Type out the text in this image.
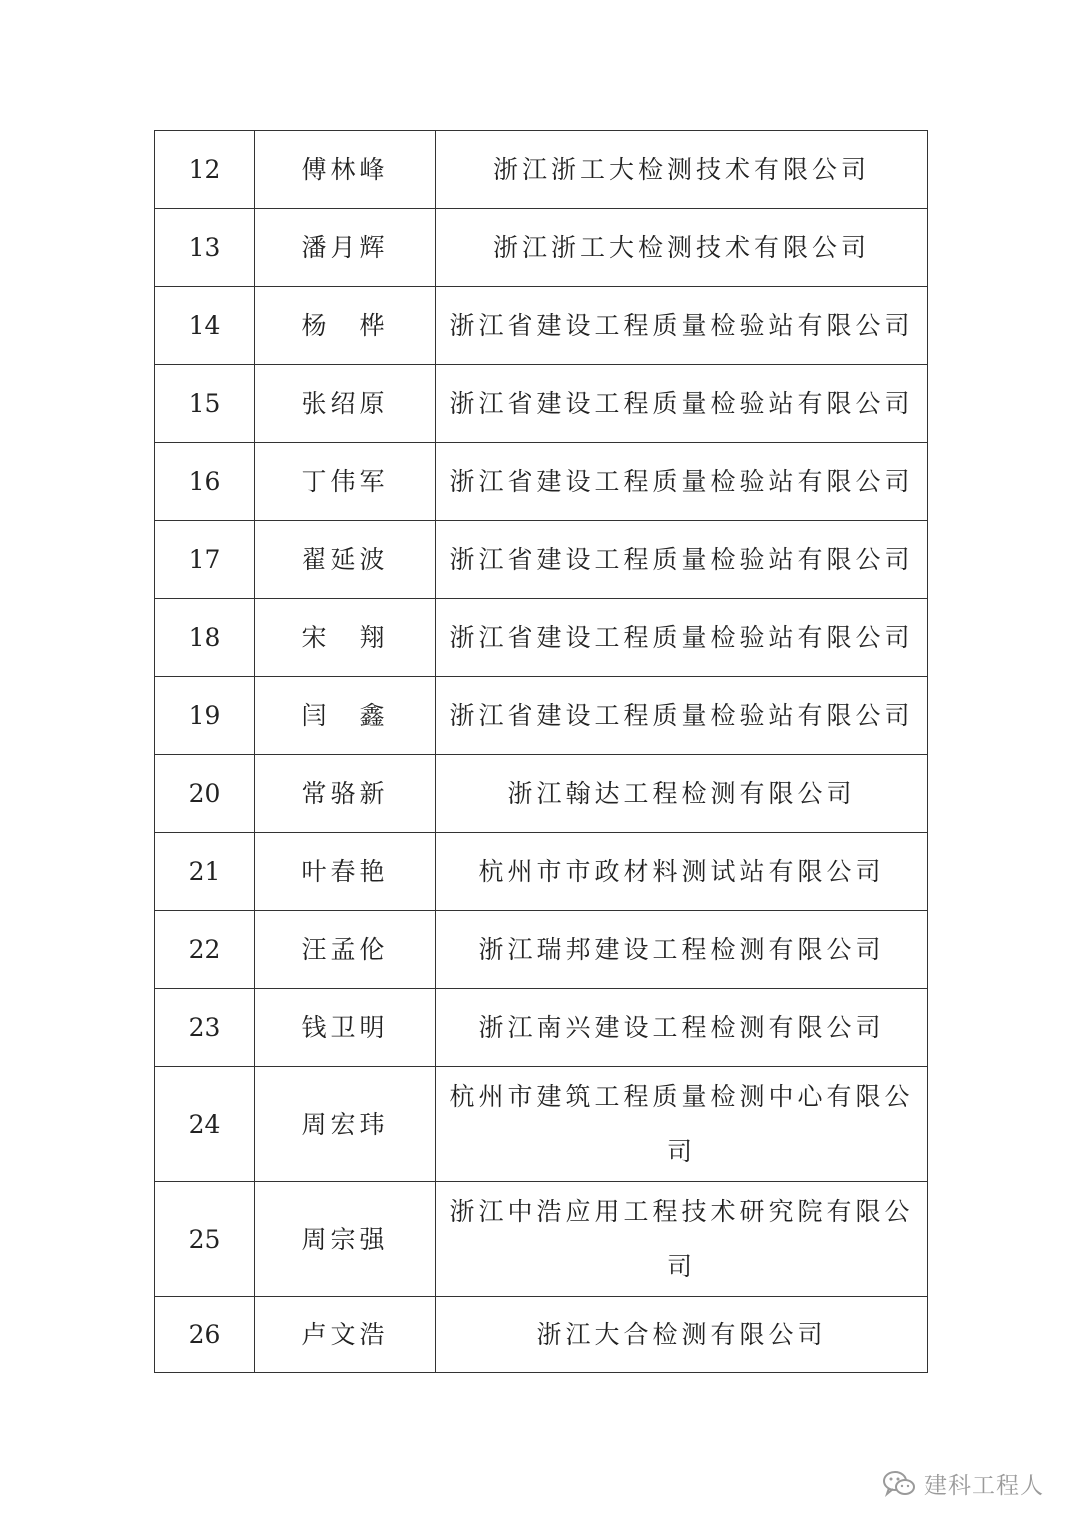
12	傅林峰	浙江浙工大检测技术有限公司
13	潘月辉	浙江浙工大检测技术有限公司
14	杨　桦	浙江省建设工程质量检验站有限公司
15	张绍原	浙江省建设工程质量检验站有限公司
16	丁伟军	浙江省建设工程质量检验站有限公司
17	翟延波	浙江省建设工程质量检验站有限公司
18	宋　翔	浙江省建设工程质量检验站有限公司
19	闫　鑫	浙江省建设工程质量检验站有限公司
20	常骆新	浙江翰达工程检测有限公司
21	叶春艳	杭州市市政材料测试站有限公司
22	汪孟伦	浙江瑞邦建设工程检测有限公司
23	钱卫明	浙江南兴建设工程检测有限公司
24	周宏玮	杭州市建筑工程质量检测中心有限公司
25	周宗强	浙江中浩应用工程技术研究院有限公司
26	卢文浩	浙江大合检测有限公司
建科工程人
